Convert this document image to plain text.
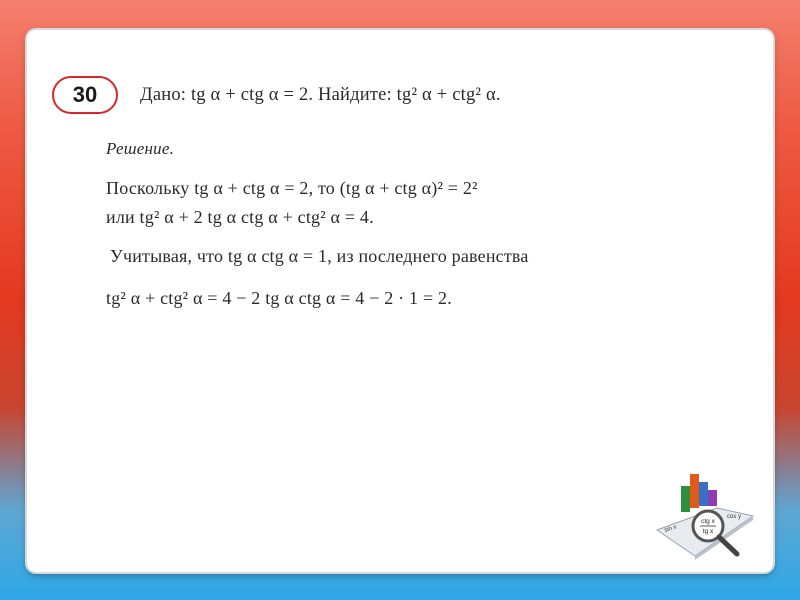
30 Дано: tg α + ctg α = 2. Найдите: tg² α + ctg² α.
Решение.
Поскольку tg α + ctg α = 2, то (tg α + ctg α)² = 2²
или tg² α + 2 tg α ctg α + ctg² α = 4.
Учитывая, что tg α ctg α = 1, из последнего равенства
tg² α + ctg² α = 4 − 2 tg α ctg α = 4 − 2 · 1 = 2.
ctg x
tg x
sin x
cos y
